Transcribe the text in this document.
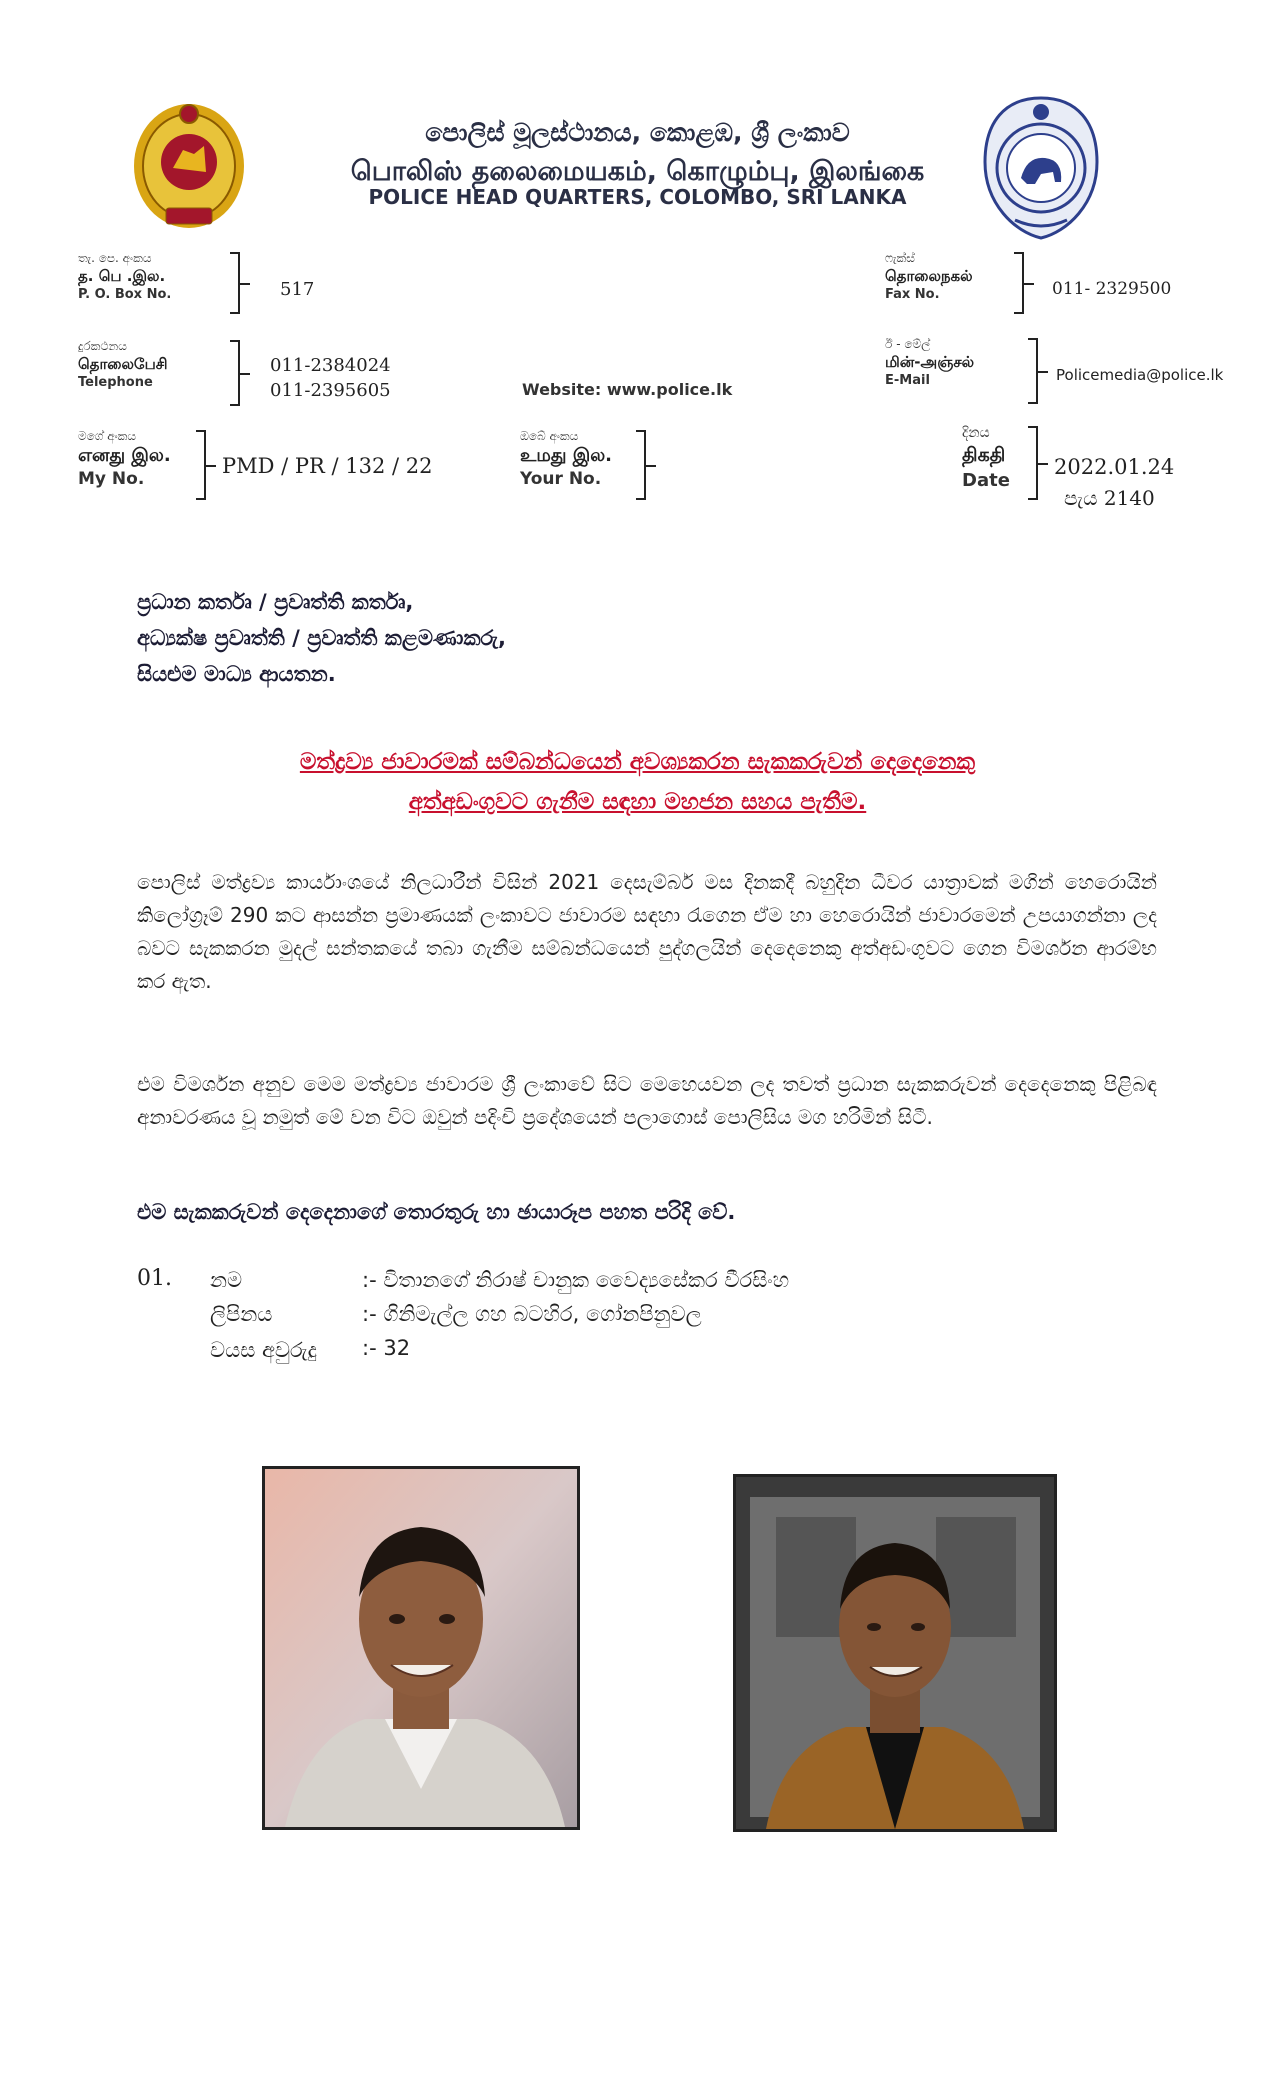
පොලිස් මූලස්ථානය, කොළඹ, ශ්‍රී ලංකාව
பொலிஸ் தலைமையகம், கொழும்பு, இலங்கை
POLICE HEAD QUARTERS, COLOMBO, SRI LANKA
තැ. පෙ. අංකය
த. பெ .இல.
P. O. Box No.	517
දුරකථනය
தொலைபேசி
Telephone
011-2384024
011-2395605	Website: www.police.lk
ෆැක්ස්
தொலைநகல்
Fax No.	011- 2329500
ඊ - මේල්
மின்-அஞ்சல்
E-Mail	Policemedia@police.lk
මගේ අංකය
எனது இல.
My No.
PMD / PR / 132 / 22
ඔබේ අංකය
உமது இல.
Your No.
දිනය
திகதி
Date
2022.01.24
පැය 2140
ප්‍රධාන කර්තෘ / ප්‍රවෘත්ති කර්තෘ,
අධ්‍යක්ෂ ප්‍රවෘත්ති / ප්‍රවෘත්ති කළමණාකරු,
සියළුම මාධ්‍ය ආයතන.
මත්ද්‍රව්‍ය ජාවාරමක් සම්බන්ධයෙන් අවශ්‍යකරන සැකකරුවන් දෙදෙනෙකු
අත්අඩංගුවට ගැනීම සඳහා මහජන සහය පැතීම.
පොලිස් මත්ද්‍රව්‍ය කාර්යාංශයේ නිලධාරීන් විසින් 2021 දෙසැම්බර් මස දිනකදී බහුදින ධීවර යාත්‍රාවක් මගින් හෙරොයින් කිලෝග්‍රෑම් 290 කට ආසන්න ප්‍රමාණයක් ලංකාවට ජාවාරම සඳහා රැගෙන ඒම හා හෙරොයින් ජාවාරමෙන් උපයාගන්නා ලද බවට සැකකරන මුදල් සන්තකයේ තබා ගැනීම සම්බන්ධයෙන් පුද්ගලයින් දෙදෙනෙකු අත්අඩංගුවට ගෙන විමර්ශන ආරම්භ කර ඇත.
එම විමර්ශන අනුව මෙම මත්ද්‍රව්‍ය ජාවාරම ශ්‍රී ලංකාවේ සිට මෙහෙයවන ලද තවත් ප්‍රධාන සැකකරුවන් දෙදෙනෙකු පිළිබඳ අනාවරණය වූ නමුත් මේ වන විට ඔවුන් පදිංචි ප්‍රදේශයෙන් පලාගොස් පොලිසිය මග හරිමින් සිටී.
එම සැකකරුවන් දෙදෙනාගේ තොරතුරු හා ඡායාරූප පහත පරිදි වේ.
01. නම	:- විතානගේ නිරාෂ් චානුක වෛද්‍යසේකර වීරසිංහ
ලිපිනය	:- ගිනිමැල්ල ගහ බටහිර, ගෝනපිනුවල
වයස අවුරුදු :- 32
